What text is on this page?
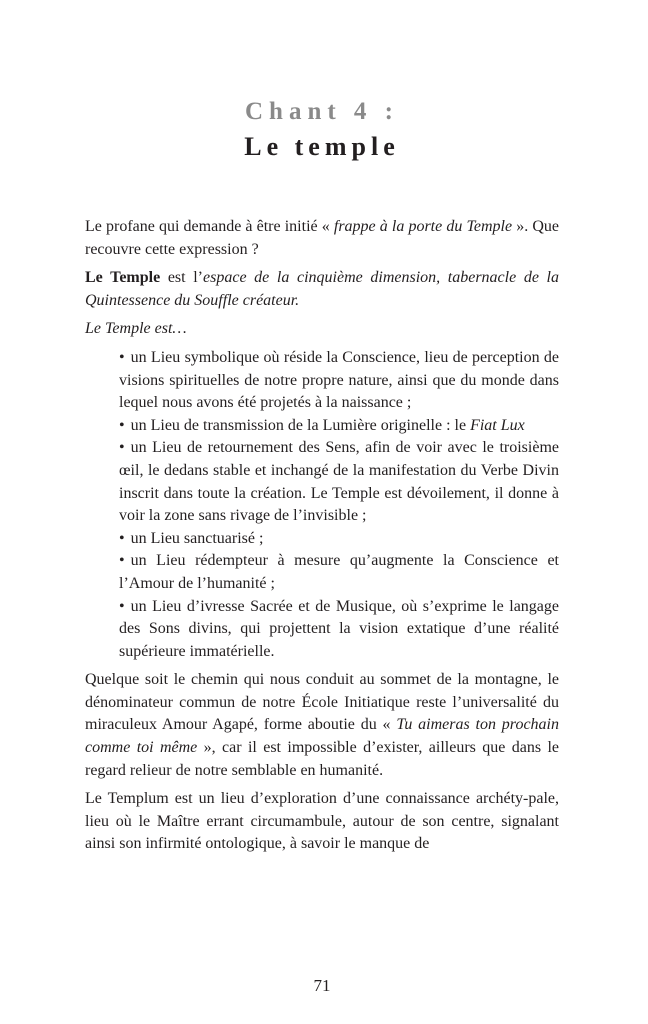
Chant 4 :
Le temple

Le profane qui demande à être initié « frappe à la porte du Temple ». Que recouvre cette expression ?

Le Temple est l’espace de la cinquième dimension, tabernacle de la Quintessence du Souffle créateur.

Le Temple est…

• un Lieu symbolique où réside la Conscience, lieu de perception de visions spirituelles de notre propre nature, ainsi que du monde dans lequel nous avons été projetés à la naissance ;
• un Lieu de transmission de la Lumière originelle : le Fiat Lux
• un Lieu de retournement des Sens, afin de voir avec le troisième œil, le dedans stable et inchangé de la manifestation du Verbe Divin inscrit dans toute la création. Le Temple est dévoilement, il donne à voir la zone sans rivage de l’invisible ;
• un Lieu sanctuarisé ;
• un Lieu rédempteur à mesure qu’augmente la Conscience et l’Amour de l’humanité ;
• un Lieu d’ivresse Sacrée et de Musique, où s’exprime le langage des Sons divins, qui projettent la vision extatique d’une réalité supérieure immatérielle.

Quelque soit le chemin qui nous conduit au sommet de la montagne, le dénominateur commun de notre École Initiatique reste l’universalité du miraculeux Amour Agapé, forme aboutie du « Tu aimeras ton prochain comme toi même », car il est impossible d’exister, ailleurs que dans le regard relieur de notre semblable en humanité.

Le Templum est un lieu d’exploration d’une connaissance archéty-pale, lieu où le Maître errant circumambule, autour de son centre, signalant ainsi son infirmité ontologique, à savoir le manque de

71
